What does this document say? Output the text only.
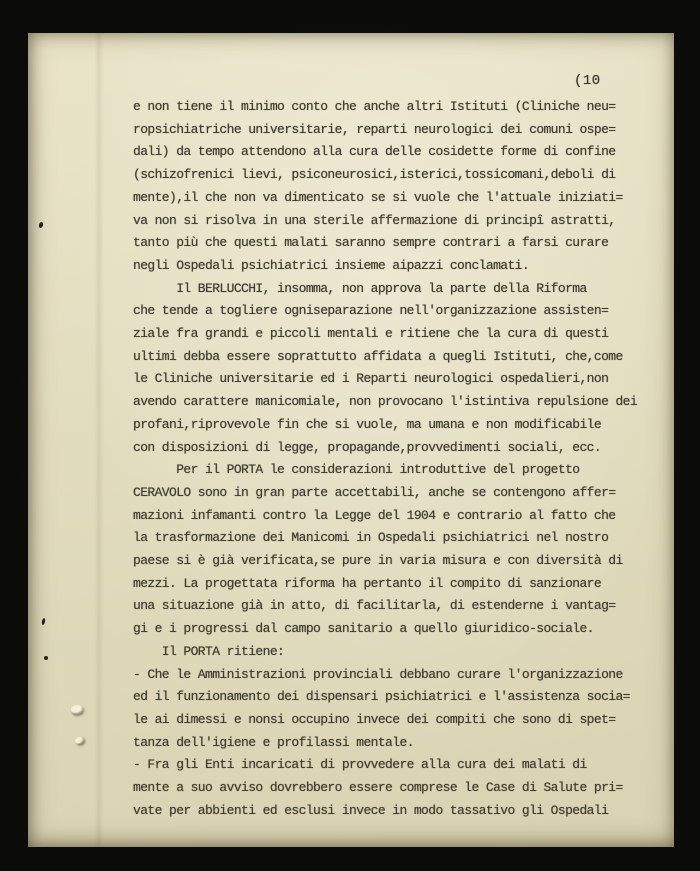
(10
e non tiene il minimo conto che anche altri Istituti (Cliniche neu=
ropsichiatriche universitarie, reparti neurologici dei comuni ospe=
dali) da tempo attendono alla cura delle cosidette forme di confine
(schizofrenici lievi, psiconeurosici,isterici,tossicomani,deboli di
mente),il che non va dimenticato se si vuole che l'attuale iniziati=
va non si risolva in una sterile affermazione di principî astratti,
tanto più che questi malati saranno sempre contrari a farsi curare
negli Ospedali psichiatrici insieme aipazzi conclamati.
Il BERLUCCHI, insomma, non approva la parte della Riforma
che tende a togliere ogniseparazione nell'organizzazione assisten=
ziale fra grandi e piccoli mentali e ritiene che la cura di questi
ultimi debba essere soprattutto affidata a quegli Istituti, che,come
le Cliniche universitarie ed i Reparti neurologici ospedalieri,non
avendo carattere manicomiale, non provocano l'istintiva repulsione dei
profani,riprovevole fin che si vuole, ma umana e non modificabile
con disposizioni di legge, propagande,provvedimenti sociali, ecc.
Per il PORTA le considerazioni introduttive del progetto
CERAVOLO sono in gran parte accettabili, anche se contengono affer=
mazioni infamanti contro la Legge del 1904 e contrario al fatto che
la trasformazione dei Manicomi in Ospedali psichiatrici nel nostro
paese si è già verificata,se pure in varia misura e con diversità di
mezzi. La progettata riforma ha pertanto il compito di sanzionare
una situazione già in atto, di facilitarla, di estenderne i vantag=
gi e i progressi dal campo sanitario a quello giuridico-sociale.
Il PORTA ritiene:
- Che le Amministrazioni provinciali debbano curare l'organizzazione
ed il funzionamento dei dispensari psichiatrici e l'assistenza socia=
le ai dimessi e nonsi occupino invece dei compiti che sono di spet=
tanza dell'igiene e profilassi mentale.
- Fra gli Enti incaricati di provvedere alla cura dei malati di
mente a suo avviso dovrebbero essere comprese le Case di Salute pri=
vate per abbienti ed esclusi invece in modo tassativo gli Ospedali
